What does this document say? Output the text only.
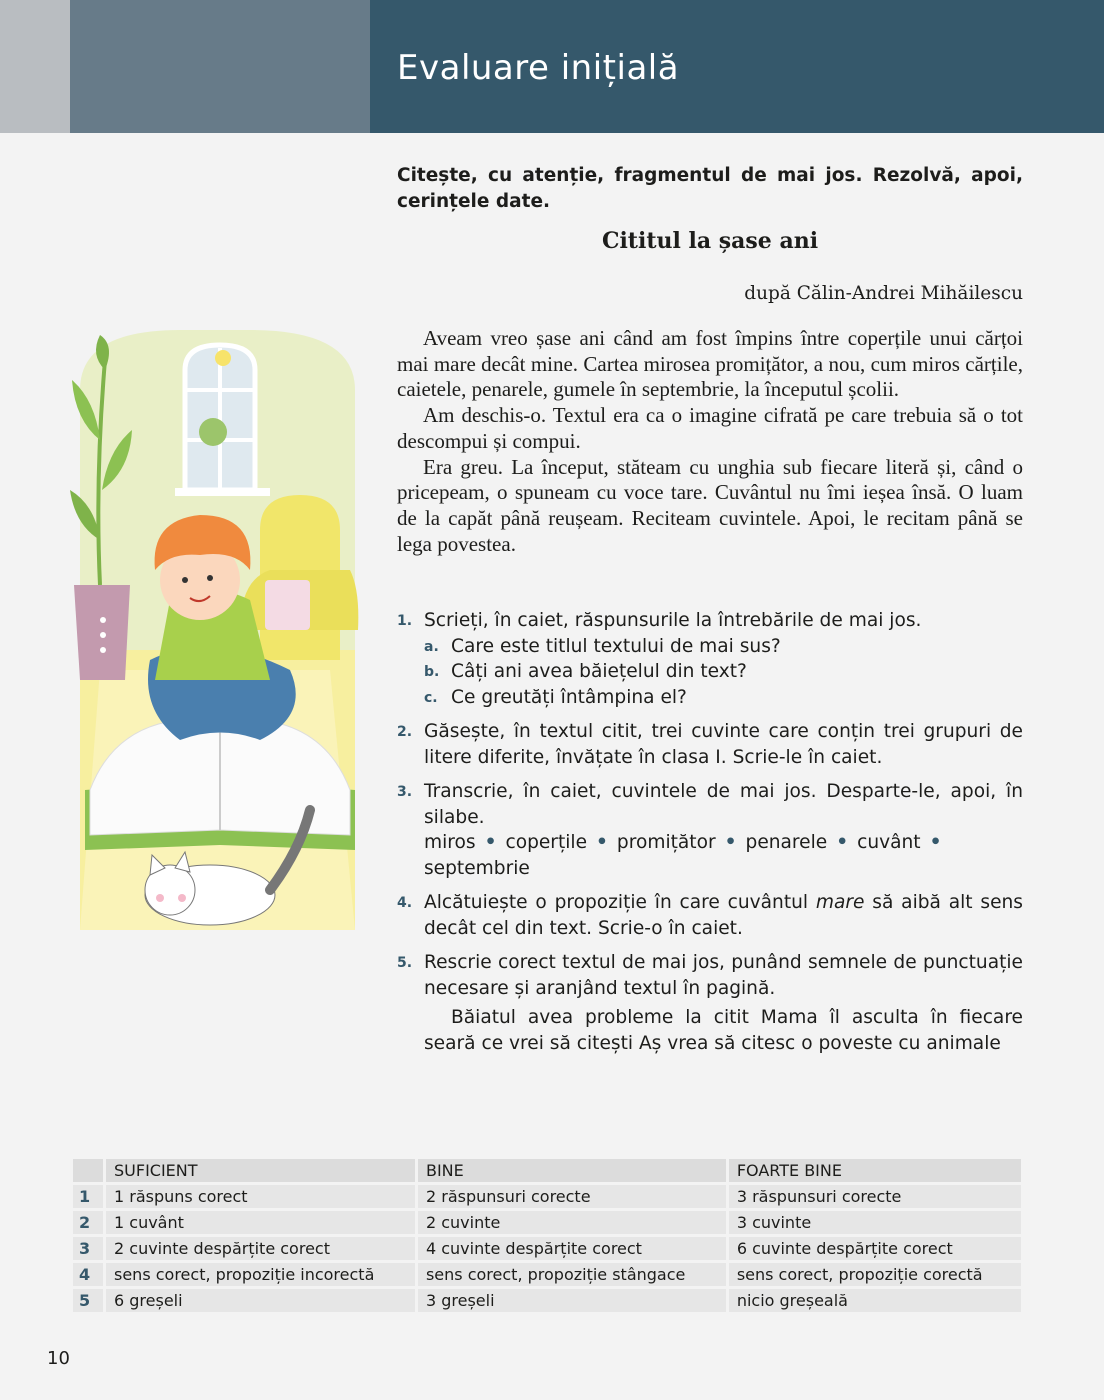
Evaluare inițială
Citește, cu atenție, fragmentul de mai jos. Rezolvă, apoi, cerințele date.
Cititul la șase ani
după Călin-Andrei Mihăilescu

Aveam vreo șase ani când am fost împins între coperțile unui cărțoi mai mare decât mine. Cartea mirosea promițător, a nou, cum miros cărțile, caietele, penarele, gumele în septembrie, la începutul școlii.

Am deschis-o. Textul era ca o imagine cifrată pe care trebuia să o tot descompui și compui.

Era greu. La început, stăteam cu unghia sub fiecare literă și, când o pricepeam, o spuneam cu voce tare. Cuvântul nu îmi ieșea însă. O luam de la capăt până reușeam. Reciteam cuvintele. Apoi, le recitam până se lega povestea.

1. Scrieți, în caiet, răspunsurile la întrebările de mai jos.
a. Care este titlul textului de mai sus?
b. Câți ani avea băiețelul din text?
c. Ce greutăți întâmpina el?
2. Găsește, în textul citit, trei cuvinte care conțin trei grupuri de litere diferite, învățate în clasa I. Scrie-le în caiet.
3. Transcrie, în caiet, cuvintele de mai jos. Desparte-le, apoi, în silabe.
miros • coperțile • promițător • penarele • cuvânt •
septembrie
4. Alcătuiește o propoziție în care cuvântul mare să aibă alt sens decât cel din text. Scrie-o în caiet.
5. Rescrie corect textul de mai jos, punând semnele de punctuație necesare și aranjând textul în pagină.
Băiatul avea probleme la citit Mama îl asculta în fiecare seară ce vrei să citești Aș vrea să citesc o poveste cu animale
	SUFICIENT	BINE	FOARTE BINE
1	1 răspuns corect	2 răspunsuri corecte	3 răspunsuri corecte
2	1 cuvânt	2 cuvinte	3 cuvinte
3	2 cuvinte despărțite corect	4 cuvinte despărțite corect	6 cuvinte despărțite corect
4	sens corect, propoziție incorectă	sens corect, propoziție stângace	sens corect, propoziție corectă
5	6 greșeli	3 greșeli	nicio greșeală
10
